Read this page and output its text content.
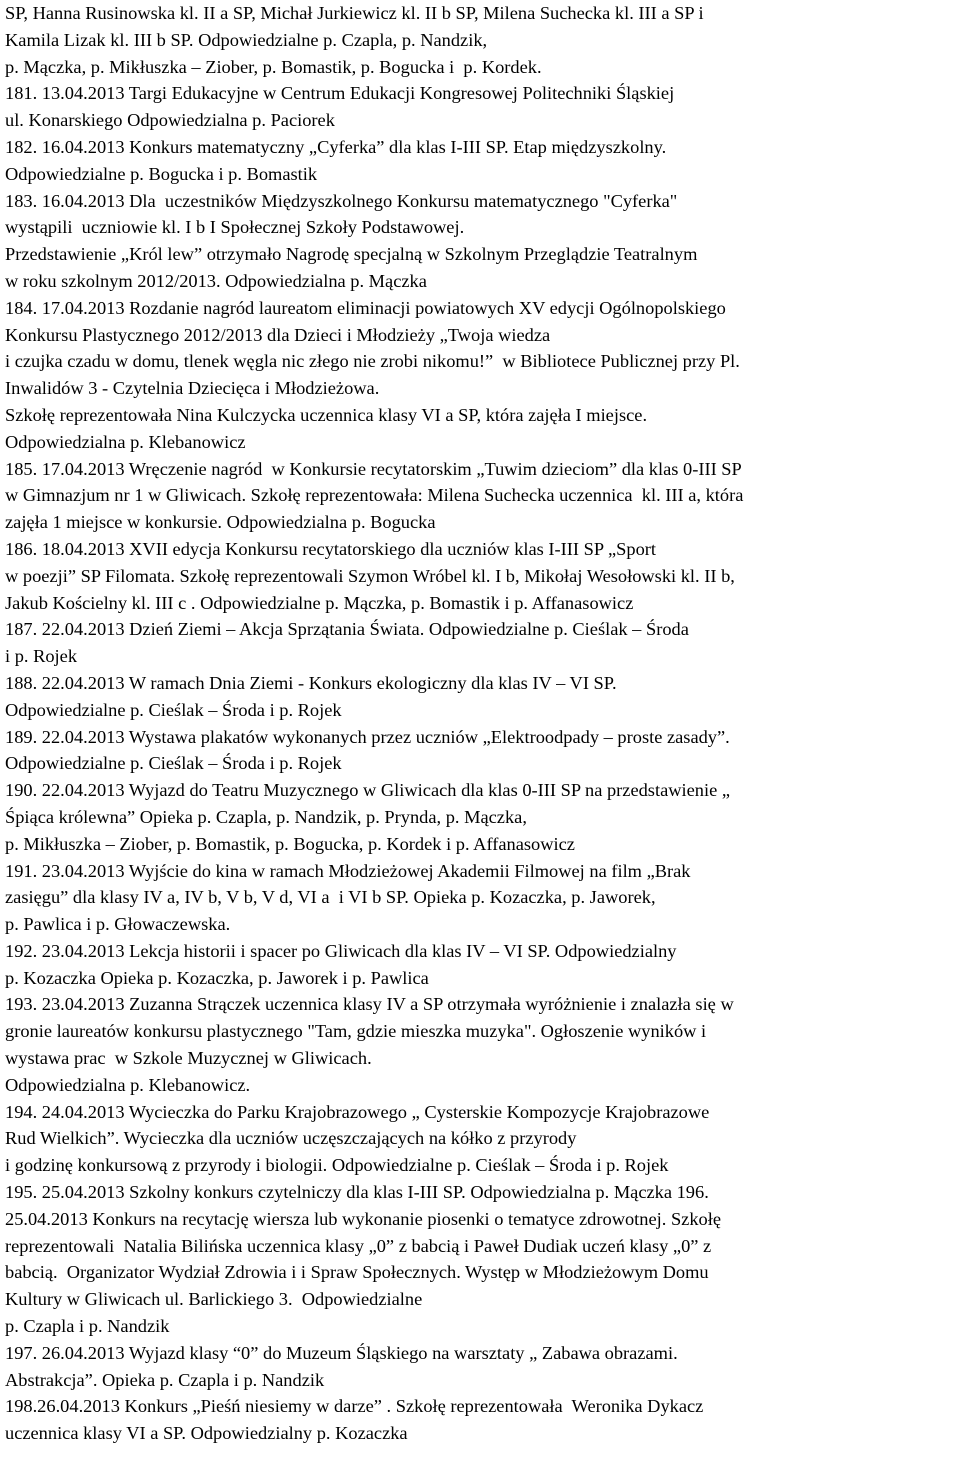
SP, Hanna Rusinowska kl. II a SP, Michał Jurkiewicz kl. II b SP, Milena Suchecka kl. III a SP i
Kamila Lizak kl. III b SP. Odpowiedzialne p. Czapla, p. Nandzik,
p. Mączka, p. Mikłuszka – Ziober, p. Bomastik, p. Bogucka i  p. Kordek.
181. 13.04.2013 Targi Edukacyjne w Centrum Edukacji Kongresowej Politechniki Śląskiej
ul. Konarskiego Odpowiedzialna p. Paciorek
182. 16.04.2013 Konkurs matematyczny „Cyferka” dla klas I-III SP. Etap międzyszkolny.
Odpowiedzialne p. Bogucka i p. Bomastik
183. 16.04.2013 Dla  uczestników Międzyszkolnego Konkursu matematycznego "Cyferka"
wystąpili  uczniowie kl. I b I Społecznej Szkoły Podstawowej.
Przedstawienie „Król lew” otrzymało Nagrodę specjalną w Szkolnym Przeglądzie Teatralnym
w roku szkolnym 2012/2013. Odpowiedzialna p. Mączka
184. 17.04.2013 Rozdanie nagród laureatom eliminacji powiatowych XV edycji Ogólnopolskiego
Konkursu Plastycznego 2012/2013 dla Dzieci i Młodzieży „Twoja wiedza
i czujka czadu w domu, tlenek węgla nic złego nie zrobi nikomu!”  w Bibliotece Publicznej przy Pl.
Inwalidów 3 - Czytelnia Dziecięca i Młodzieżowa.
Szkołę reprezentowała Nina Kulczycka uczennica klasy VI a SP, która zajęła I miejsce.
Odpowiedzialna p. Klebanowicz
185. 17.04.2013 Wręczenie nagród  w Konkursie recytatorskim „Tuwim dzieciom” dla klas 0-III SP
w Gimnazjum nr 1 w Gliwicach. Szkołę reprezentowała: Milena Suchecka uczennica  kl. III a, która
zajęła 1 miejsce w konkursie. Odpowiedzialna p. Bogucka
186. 18.04.2013 XVII edycja Konkursu recytatorskiego dla uczniów klas I-III SP „Sport
w poezji” SP Filomata. Szkołę reprezentowali Szymon Wróbel kl. I b, Mikołaj Wesołowski kl. II b,
Jakub Kościelny kl. III c . Odpowiedzialne p. Mączka, p. Bomastik i p. Affanasowicz
187. 22.04.2013 Dzień Ziemi – Akcja Sprzątania Świata. Odpowiedzialne p. Cieślak – Środa
i p. Rojek
188. 22.04.2013 W ramach Dnia Ziemi - Konkurs ekologiczny dla klas IV – VI SP.
Odpowiedzialne p. Cieślak – Środa i p. Rojek
189. 22.04.2013 Wystawa plakatów wykonanych przez uczniów „Elektroodpady – proste zasady”.
Odpowiedzialne p. Cieślak – Środa i p. Rojek
190. 22.04.2013 Wyjazd do Teatru Muzycznego w Gliwicach dla klas 0-III SP na przedstawienie „
Śpiąca królewna” Opieka p. Czapla, p. Nandzik, p. Prynda, p. Mączka,
p. Mikłuszka – Ziober, p. Bomastik, p. Bogucka, p. Kordek i p. Affanasowicz
191. 23.04.2013 Wyjście do kina w ramach Młodzieżowej Akademii Filmowej na film „Brak
zasięgu” dla klasy IV a, IV b, V b, V d, VI a  i VI b SP. Opieka p. Kozaczka, p. Jaworek,
p. Pawlica i p. Głowaczewska.
192. 23.04.2013 Lekcja historii i spacer po Gliwicach dla klas IV – VI SP. Odpowiedzialny
p. Kozaczka Opieka p. Kozaczka, p. Jaworek i p. Pawlica
193. 23.04.2013 Zuzanna Strączek uczennica klasy IV a SP otrzymała wyróżnienie i znalazła się w
gronie laureatów konkursu plastycznego "Tam, gdzie mieszka muzyka". Ogłoszenie wyników i
wystawa prac  w Szkole Muzycznej w Gliwicach.
Odpowiedzialna p. Klebanowicz.
194. 24.04.2013 Wycieczka do Parku Krajobrazowego „ Cysterskie Kompozycje Krajobrazowe
Rud Wielkich”. Wycieczka dla uczniów uczęszczających na kółko z przyrody
i godzinę konkursową z przyrody i biologii. Odpowiedzialne p. Cieślak – Środa i p. Rojek
195. 25.04.2013 Szkolny konkurs czytelniczy dla klas I-III SP. Odpowiedzialna p. Mączka 196.
25.04.2013 Konkurs na recytację wiersza lub wykonanie piosenki o tematyce zdrowotnej. Szkołę
reprezentowali  Natalia Bilińska uczennica klasy „0” z babcią i Paweł Dudiak uczeń klasy „0” z
babcią.  Organizator Wydział Zdrowia i i Spraw Społecznych. Występ w Młodzieżowym Domu
Kultury w Gliwicach ul. Barlickiego 3.  Odpowiedzialne
p. Czapla i p. Nandzik
197. 26.04.2013 Wyjazd klasy “0” do Muzeum Śląskiego na warsztaty „ Zabawa obrazami.
Abstrakcja”. Opieka p. Czapla i p. Nandzik
198.26.04.2013 Konkurs „Pieśń niesiemy w darze” . Szkołę reprezentowała  Weronika Dykacz
uczennica klasy VI a SP. Odpowiedzialny p. Kozaczka
